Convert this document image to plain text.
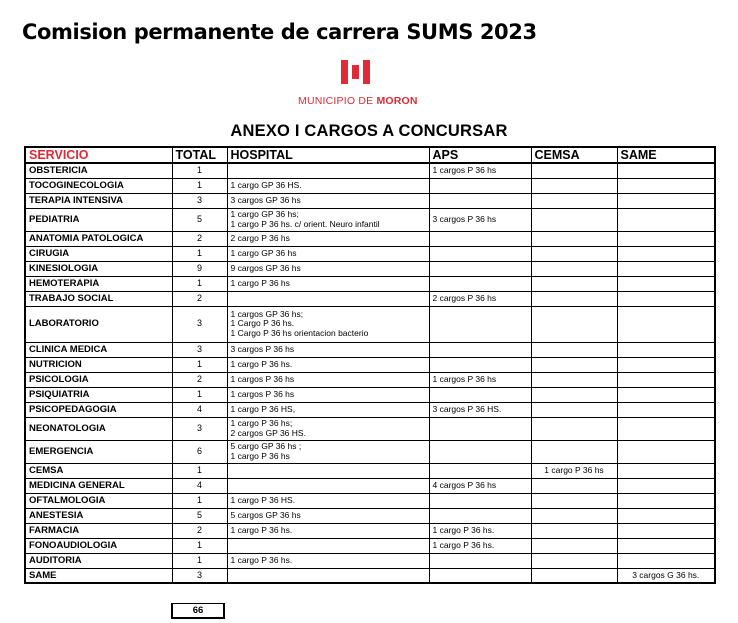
Comision permanente de carrera SUMS 2023
MUNICIPIO DE MORON
ANEXO I CARGOS A CONCURSAR
SERVICIO	TOTAL	HOSPITAL	APS	CEMSA	SAME
OBSTERICIA	1		1 cargos P 36 hs		
TOCOGINECOLOGIA	1	1 cargo GP 36 HS.			

TERAPIA INTENSIVA	3	3 cargos GP 36 hs			

PEDIATRIA	5	1 cargo GP 36 hs;
1 cargo P 36 hs. c/ orient. Neuro infantil	3 cargos P 36 hs		
ANATOMIA PATOLOGICA	2	2 cargo P 36 hs			

CIRUGIA	1	1 cargo GP 36 hs			

KINESIOLOGIA	9	9 cargos GP 36 hs			

HEMOTERAPIA	1	1 cargo P 36 hs			

TRABAJO SOCIAL	2		2 cargos P 36 hs		
LABORATORIO	3	1 cargos GP 36 hs;
1 Cargo P 36 hs.
1 Cargo P 36 hs orientacion bacterio			

CLINICA MEDICA	3	3 cargos P 36 hs			

NUTRICION	1	1 cargo P 36 hs.			

PSICOLOGIA	2	1 cargos P 36 hs	1 cargos P 36 hs		
PSIQUIATRIA	1	1 cargos P 36 hs			

PSICOPEDAGOGIA	4	1 cargo P 36 HS,	3 cargos P 36 HS.		
NEONATOLOGIA	3	1 cargo P 36 hs;
2 cargos GP 36 HS.			

EMERGENCIA	6	5 cargo GP 36 hs ;
1 cargo P 36 hs			

CEMSA	1			1 cargo P 36 hs	
MEDICINA GENERAL	4		4 cargos P 36 hs		
OFTALMOLOGIA	1	1 cargo P 36 HS.			

ANESTESIA	5	5 cargos GP 36 hs			

FARMACIA	2	1 cargo P 36 hs.	1 cargo P 36 hs.		
FONOAUDIOLOGIA	1		1 cargo P 36 hs.		
AUDITORIA	1	1 cargo P 36 hs.			

SAME	3				3 cargos G 36 hs.
66
